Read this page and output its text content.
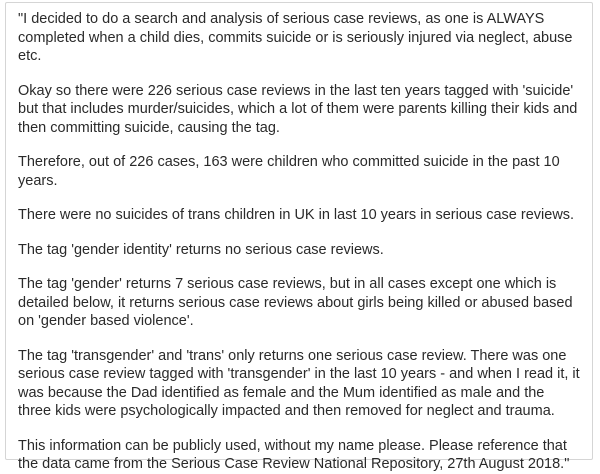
"I decided to do a search and analysis of serious case reviews, as one is ALWAYS completed when a child dies, commits suicide or is seriously injured via neglect, abuse etc.

Okay so there were 226 serious case reviews in the last ten years tagged with 'suicide' but that includes murder/suicides, which a lot of them were parents killing their kids and then committing suicide, causing the tag.

Therefore, out of 226 cases, 163 were children who committed suicide in the past 10 years.

There were no suicides of trans children in UK in last 10 years in serious case reviews.

The tag 'gender identity' returns no serious case reviews.

The tag 'gender' returns 7 serious case reviews, but in all cases except one which is detailed below, it returns serious case reviews about girls being killed or abused based on 'gender based violence'.

The tag 'transgender' and 'trans' only returns one serious case review. There was one serious case review tagged with 'transgender' in the last 10 years - and when I read it, it was because the Dad identified as female and the Mum identified as male and the three kids were psychologically impacted and then removed for neglect and trauma.

This information can be publicly used, without my name please. Please reference that the data came from the Serious Case Review National Repository, 27th August 2018."
